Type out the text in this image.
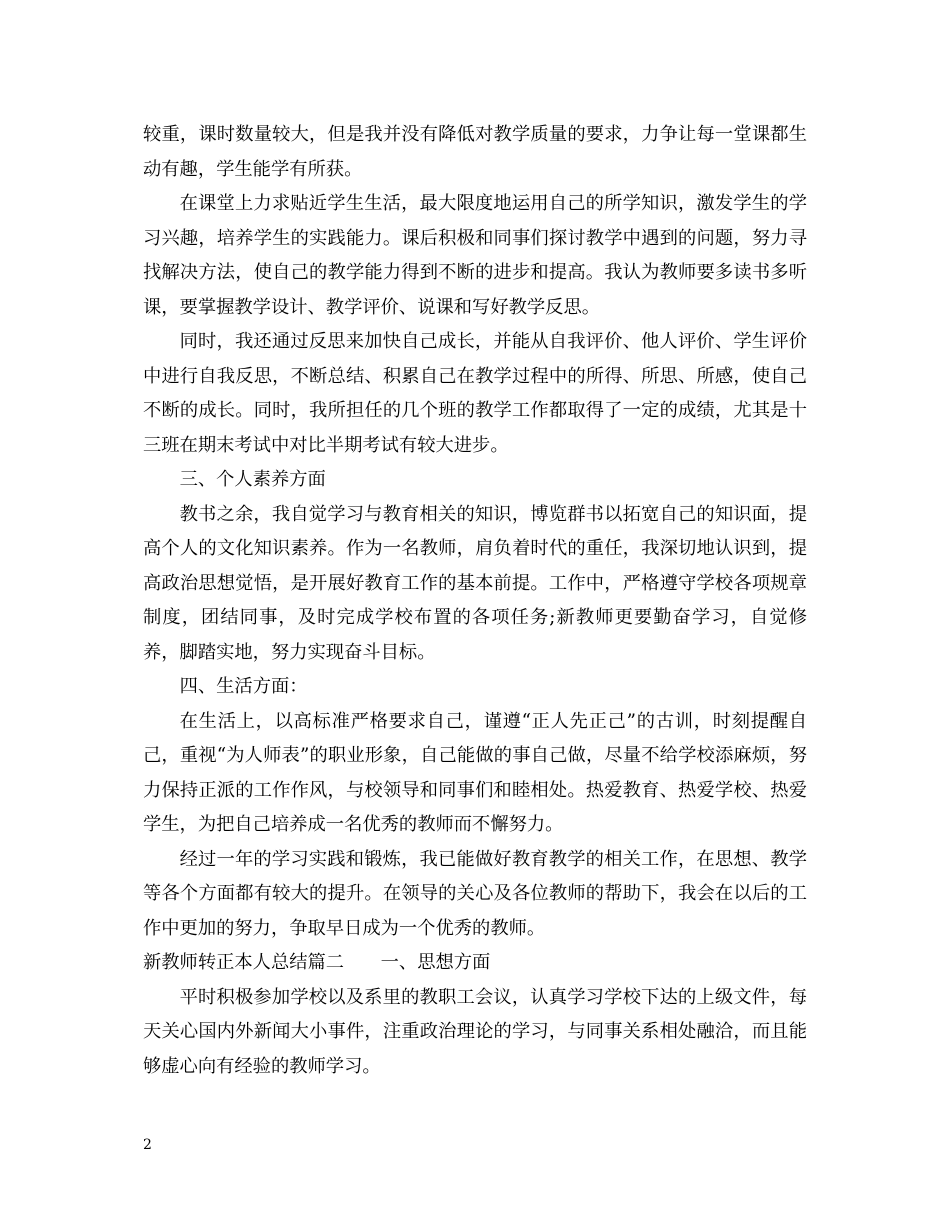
较重，课时数量较大，但是我并没有降低对教学质量的要求，力争让每一堂课都生动有趣，学生能学有所获。

在课堂上力求贴近学生生活，最大限度地运用自己的所学知识，激发学生的学习兴趣，培养学生的实践能力。课后积极和同事们探讨教学中遇到的问题，努力寻找解决方法，使自己的教学能力得到不断的进步和提高。我认为教师要多读书多听课，要掌握教学设计、教学评价、说课和写好教学反思。

同时，我还通过反思来加快自己成长，并能从自我评价、他人评价、学生评价中进行自我反思，不断总结、积累自己在教学过程中的所得、所思、所感，使自己不断的成长。同时，我所担任的几个班的教学工作都取得了一定的成绩，尤其是十三班在期末考试中对比半期考试有较大进步。

三、个人素养方面

教书之余，我自觉学习与教育相关的知识，博览群书以拓宽自己的知识面，提高个人的文化知识素养。作为一名教师，肩负着时代的重任，我深切地认识到，提高政治思想觉悟，是开展好教育工作的基本前提。工作中，严格遵守学校各项规章制度，团结同事，及时完成学校布置的各项任务;新教师更要勤奋学习，自觉修养，脚踏实地，努力实现奋斗目标。

四、生活方面：

在生活上，以高标准严格要求自己，谨遵“正人先正己”的古训，时刻提醒自己，重视“为人师表”的职业形象，自己能做的事自己做，尽量不给学校添麻烦，努力保持正派的工作作风，与校领导和同事们和睦相处。热爱教育、热爱学校、热爱学生，为把自己培养成一名优秀的教师而不懈努力。

经过一年的学习实践和锻炼，我已能做好教育教学的相关工作，在思想、教学等各个方面都有较大的提升。在领导的关心及各位教师的帮助下，我会在以后的工作中更加的努力，争取早日成为一个优秀的教师。

新教师转正本人总结篇二　　一、思想方面

平时积极参加学校以及系里的教职工会议，认真学习学校下达的上级文件，每天关心国内外新闻大小事件，注重政治理论的学习，与同事关系相处融洽，而且能够虚心向有经验的教师学习。

2
